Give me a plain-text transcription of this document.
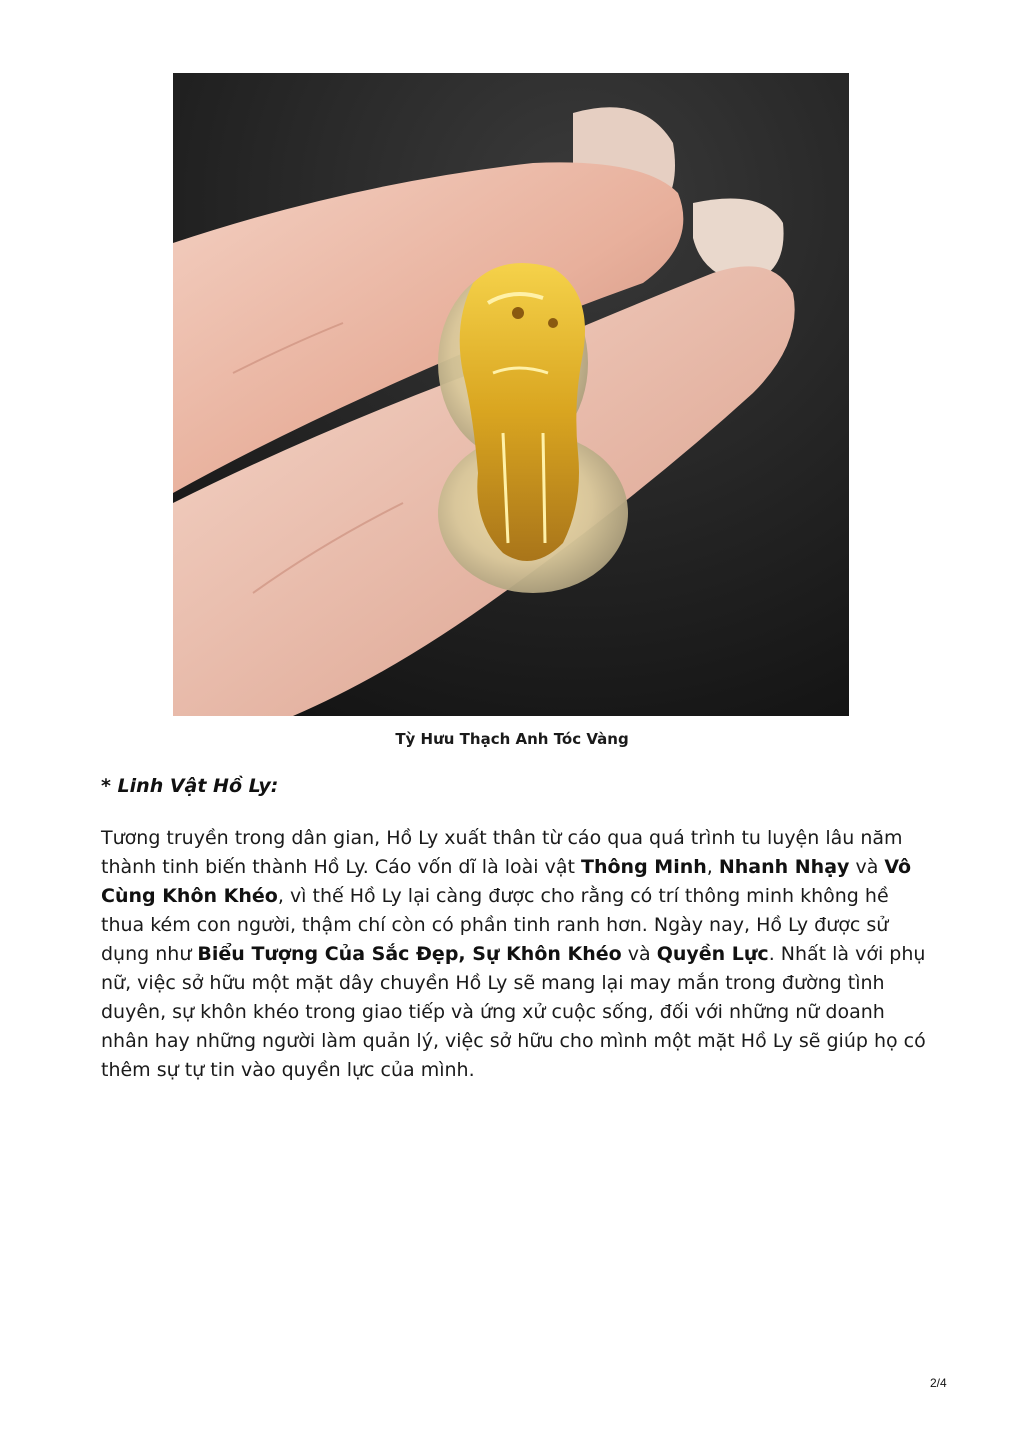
Tỳ Hưu Thạch Anh Tóc Vàng
* Linh Vật Hồ Ly:

Tương truyền trong dân gian, Hồ Ly xuất thân từ cáo qua quá trình tu luyện lâu năm thành tinh biến thành Hồ Ly. Cáo vốn dĩ là loài vật Thông Minh, Nhanh Nhạy và Vô Cùng Khôn Khéo, vì thế Hồ Ly lại càng được cho rằng có trí thông minh không hề thua kém con người, thậm chí còn có phần tinh ranh hơn. Ngày nay, Hồ Ly được sử dụng như Biểu Tượng Của Sắc Đẹp, Sự Khôn Khéo và Quyền Lực. Nhất là với phụ nữ, việc sở hữu một mặt dây chuyền Hồ Ly sẽ mang lại may mắn trong đường tình duyên, sự khôn khéo trong giao tiếp và ứng xử cuộc sống, đối với những nữ doanh nhân hay những người làm quản lý, việc sở hữu cho mình một mặt Hồ Ly sẽ giúp họ có thêm sự tự tin vào quyền lực của mình.

2/4
